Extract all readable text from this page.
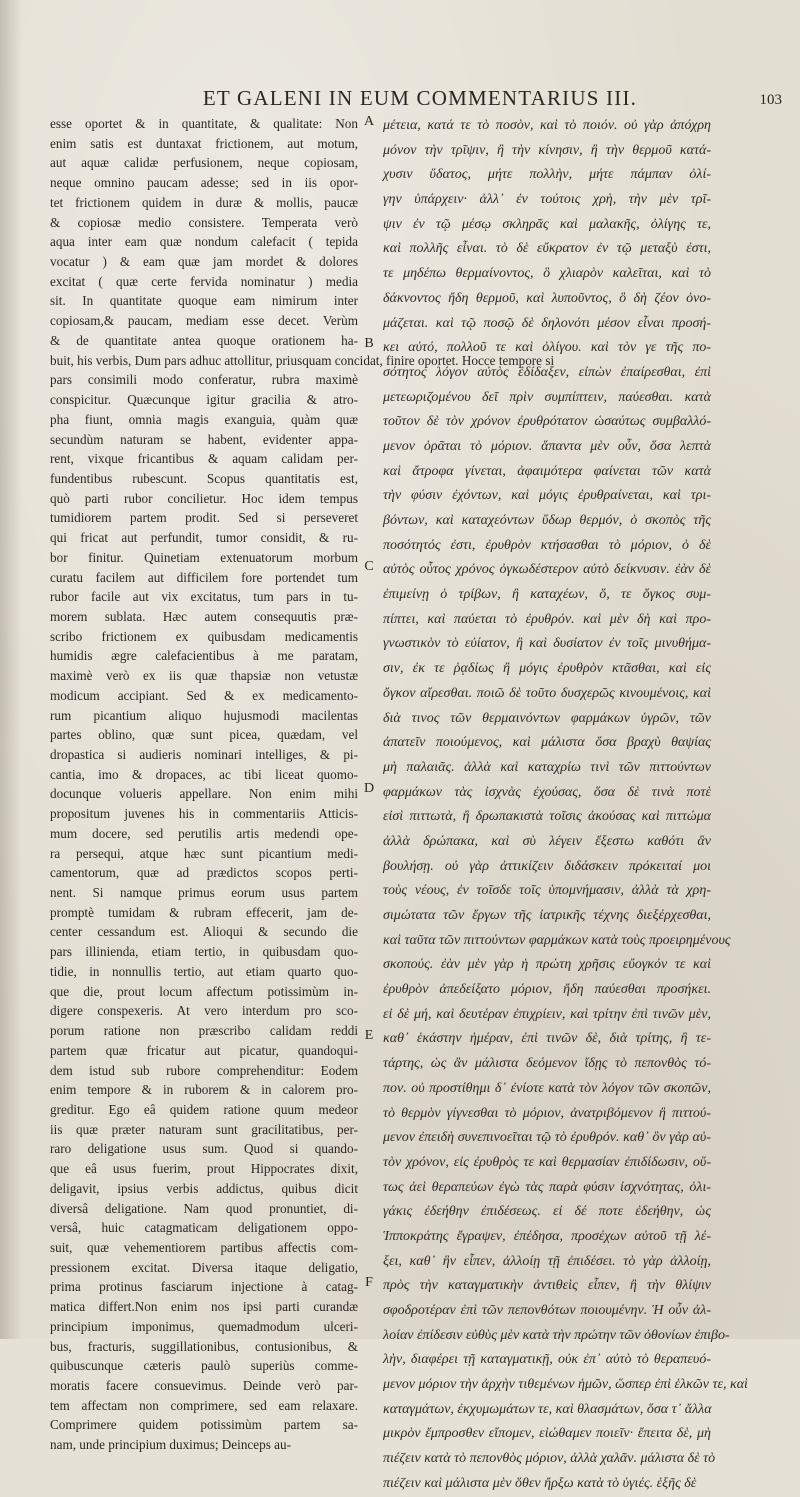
ET GALENI IN EUM COMMENTARIUS III.	103
esse oportet & in quantitate, & qualitate: Non
enim satis est duntaxat frictionem, aut motum,
aut aquæ calidæ perfusionem, neque copiosam,
neque omnino paucam adesse; sed in iis opor-
tet frictionem quidem in duræ & mollis, paucæ
& copiosæ medio consistere. Temperata verò
aqua inter eam quæ nondum calefacit ( tepida
vocatur ) & eam quæ jam mordet & dolores
excitat ( quæ certe fervida nominatur ) media
sit. In quantitate quoque eam nimirum inter
copiosam,& paucam, mediam esse decet. Verùm
& de quantitate antea quoque orationem ha-
buit, his verbis, Dum pars adhuc attollitur, priusquam concidat, finire oportet. Hocce tempore si
pars consimili modo conferatur, rubra maximè
conspicitur. Quæcunque igitur gracilia & atro-
pha fiunt, omnia magis exanguia, quàm quæ
secundùm naturam se habent, evidenter appa-
rent, vixque fricantibus & aquam calidam per-
fundentibus rubescunt. Scopus quantitatis est,
quò parti rubor concilietur. Hoc idem tempus
tumidiorem partem prodit. Sed si perseveret
qui fricat aut perfundit, tumor considit, & ru-
bor finitur. Quinetiam extenuatorum morbum
curatu facilem aut difficilem fore portendet tum
rubor facile aut vix excitatus, tum pars in tu-
morem sublata. Hæc autem consequutis præ-
scribo frictionem ex quibusdam medicamentis
humidis ægre calefacientibus à me paratam,
maximè verò ex iis quæ thapsiæ non vetustæ
modicum accipiant. Sed & ex medicamento-
rum picantium aliquo hujusmodi macilentas
partes oblino, quæ sunt picea, quædam, vel
dropastica si audieris nominari intelliges, & pi-
cantia, imo & dropaces, ac tibi liceat quomo-
docunque volueris appellare. Non enim mihi
propositum juvenes his in commentariis Atticis-
mum docere, sed perutilis artis medendi ope-
ra persequi, atque hæc sunt picantium medi-
camentorum, quæ ad prædictos scopos perti-
nent. Si namque primus eorum usus partem
promptè tumidam & rubram effecerit, jam de-
center cessandum est. Alioqui & secundo die
pars illinienda, etiam tertio, in quibusdam quo-
tidie, in nonnullis tertio, aut etiam quarto quo-
que die, prout locum affectum potissimùm in-
digere conspexeris. At vero interdum pro sco-
porum ratione non præscribo calidam reddi
partem quæ fricatur aut picatur, quandoqui-
dem istud sub rubore comprehenditur: Eodem
enim tempore & in ruborem & in calorem pro-
greditur. Ego eâ quidem ratione quum medeor
iis quæ præter naturam sunt gracilitatibus, per-
raro deligatione usus sum. Quod si quando-
que eâ usus fuerim, prout Hippocrates dixit,
deligavit, ipsius verbis addictus, quibus dicit
diversâ deligatione. Nam quod pronuntiet, di-
versâ, huic catagmaticam deligationem oppo-
suit, quæ vehementiorem partibus affectis com-
pressionem excitat. Diversa itaque deligatio,
prima protinus fasciarum injectione à catag-
matica differt.Non enim nos ipsi parti curandæ
principium imponimus, quemadmodum ulceri-
bus, fracturis, suggillationibus, contusionibus, &
quibuscunque cæteris paulò superiùs comme-
moratis facere consuevimus. Deinde verò par-
tem affectam non comprimere, sed eam relaxare.
Comprimere quidem potissimùm partem sa-
nam, unde principium duximus; Deinceps au-
A
B
C
D
E
F
μέτεια, κατά τε τὸ ποσὸν, καὶ τὸ ποιόν. οὐ γὰρ ἀπόχρη
μόνον τὴν τρῖψιν, ἢ τὴν κίνησιν, ἢ τὴν θερμοῦ κατά-
χυσιν ὕδατος, μήτε πολλὴν, μήτε πάμπαν ὀλί-
γην ὑπάρχειν· ἀλλ᾽ ἐν τούτοις χρὴ, τὴν μὲν τρῖ-
ψιν ἐν τῷ μέσῳ σκληρᾶς καὶ μαλακῆς, ὀλίγης τε,
καὶ πολλῆς εἶναι. τὸ δὲ εὔκρατον ἐν τῷ μεταξὺ ἐστι,
τε μηδέπω θερμαίνοντος, ὃ χλιαρὸν καλεῖται, καὶ τὸ
δάκνοντος ἤδη θερμοῦ, καὶ λυποῦντος, ὃ δὴ ζέον ὀνο-
μάζεται. καὶ τῷ ποσῷ δὲ δηλονότι μέσον εἶναι προσή-
κει αὐτό, πολλοῦ τε καὶ ὀλίγου. καὶ τὸν γε τῆς πο-
σότητος λόγον αὐτὸς ἐδίδαξεν, εἰπὼν ἐπαίρεσθαι, ἐπὶ
μετεωριζομένου δεῖ πρὶν συμπίπτειν, παύεσθαι. κατὰ
τοῦτον δὲ τὸν χρόνον ἐρυθρότατον ὡσαύτως συμβαλλό-
μενον ὁρᾶται τὸ μόριον. ἅπαντα μὲν οὖν, ὅσα λεπτὰ
καὶ ἄτροφα γίνεται, ἀφαιμότερα φαίνεται τῶν κατὰ
τὴν φύσιν ἐχόντων, καὶ μόγις ἐρυθραίνεται, καὶ τρι-
βόντων, καὶ καταχεόντων ὕδωρ θερμόν, ὁ σκοπὸς τῆς
ποσότητός ἐστι, ἐρυθρὸν κτήσασθαι τὸ μόριον, ὁ δὲ
αὐτὸς οὗτος χρόνος ὀγκωδέστερον αὐτὸ δείκνυσιν. ἐὰν δὲ
ἐπιμείνῃ ὁ τρίβων, ἢ καταχέων, ὅ, τε ὄγκος συμ-
πίπτει, καὶ παύεται τὸ ἐρυθρόν. καὶ μὲν δὴ καὶ προ-
γνωστικὸν τὸ εὐίατον, ἢ καὶ δυσίατον ἐν τοῖς μινυθήμα-
σιν, ἐκ τε ῥᾳδίως ἢ μόγις ἐρυθρὸν κτᾶσθαι, καὶ εἰς
ὄγκον αἴρεσθαι. ποιῶ δὲ τοῦτο δυσχερῶς κινουμένοις, καὶ
διὰ τινος τῶν θερμαινόντων φαρμάκων ὑγρῶν, τῶν
ἀπατεῖν ποιούμενος, καὶ μάλιστα ὅσα βραχὺ θαψίας
μὴ παλαιᾶς. ἀλλὰ καὶ καταχρίω τινὶ τῶν πιττούντων
φαρμάκων τὰς ἰσχνὰς ἐχούσας, ὅσα δὲ τινὰ ποτὲ
εἰσὶ πιττωτὰ, ἢ δρωπακιστὰ τοῖσις ἀκούσας καὶ πιττώμα
ἀλλὰ δρώπακα, καὶ σὺ λέγειν ἔξεστω καθότι ἂν
βουλήσῃ. οὐ γὰρ ἀττικίζειν διδάσκειν πρόκειταί μοι
τοὺς νέους, ἐν τοῖσδε τοῖς ὑπομνήμασιν, ἀλλὰ τὰ χρη-
σιμώτατα τῶν ἔργων τῆς ἰατρικῆς τέχνης διεξέρχεσθαι,
καὶ ταῦτα τῶν πιττούντων φαρμάκων κατὰ τοὺς προειρημένους
σκοπούς. ἐὰν μὲν γὰρ ἡ πρώτη χρῆσις εὔογκόν τε καὶ
ἐρυθρὸν ἀπεδείξατο μόριον, ἤδη παύεσθαι προσήκει.
εἰ δὲ μή, καὶ δευτέραν ἐπιχρίειν, καὶ τρίτην ἐπὶ τινῶν μὲν,
καθ᾽ ἑκάστην ἡμέραν, ἐπὶ τινῶν δὲ, διὰ τρίτης, ἢ τε-
τάρτης, ὡς ἂν μάλιστα δεόμενον ἴδῃς τὸ πεπονθὸς τό-
πον. οὐ προστίθημι δ᾽ ἐνίοτε κατὰ τὸν λόγον τῶν σκοπῶν,
τὸ θερμὸν γίγνεσθαι τὸ μόριον, ἀνατριβόμενον ἢ πιττού-
μενον ἐπειδὴ συνεπινοεῖται τῷ τὸ ἐρυθρόν. καθ᾽ ὃν γὰρ αὐ-
τὸν χρόνον, εἰς ἐρυθρὸς τε καὶ θερμασίαν ἐπιδίδωσιν, οὕ-
τως ἀεὶ θεραπεύων ἐγὼ τὰς παρὰ φύσιν ἰσχνότητας, ὀλι-
γάκις ἐδεήθην ἐπιδέσεως. εἰ δέ ποτε ἐδεήθην, ὡς
Ἱπποκράτης ἔγραψεν, ἐπέδησα, προσέχων αὐτοῦ τῇ λέ-
ξει, καθ᾽ ἣν εἶπεν, ἀλλοίῃ τῇ ἐπιδέσει. τὸ γὰρ ἀλλοίῃ,
πρὸς τὴν καταγματικὴν ἀντιθεὶς εἶπεν, ἢ τὴν θλίψιν
σφοδροτέραν ἐπὶ τῶν πεπονθότων ποιουμένην. Ἡ οὖν ἀλ-
λοίαν ἐπίδεσιν εὐθὺς μὲν κατὰ τὴν πρώτην τῶν ὀθονίων ἐπιβο-
λὴν, διαφέρει τῇ καταγματικῇ, οὐκ ἐπ᾽ αὐτὸ τὸ θεραπευό-
μενον μόριον τὴν ἀρχὴν τιθεμένων ἡμῶν, ὥσπερ ἐπὶ ἑλκῶν τε, καὶ
καταγμάτων, ἐκχυμωμάτων τε, καὶ θλασμάτων, ὅσα τ᾽ ἄλλα
μικρὸν ἔμπροσθεν εἴπομεν, εἰώθαμεν ποιεῖν· ἔπειτα δὲ, μὴ
πιέζειν κατὰ τὸ πεπονθὸς μόριον, ἀλλὰ χαλᾶν. μάλιστα δὲ τὸ
πιέζειν καὶ μάλιστα μὲν ὅθεν ἤρξω κατὰ τὸ ὑγιές. ἑξῆς δὲ
